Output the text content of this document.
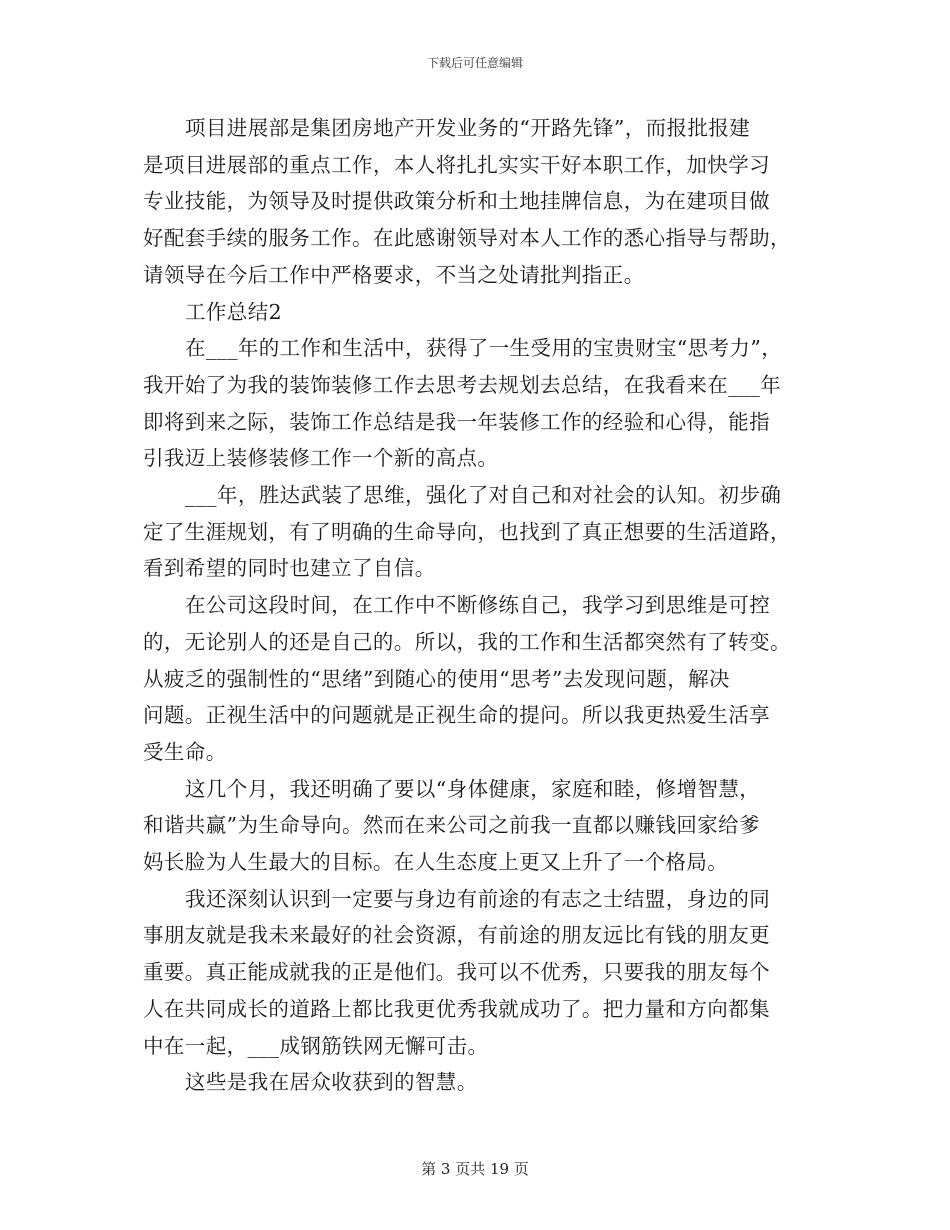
下载后可任意编辑

项目进展部是集团房地产开发业务的“开路先锋”，而报批报建
是项目进展部的重点工作，本人将扎扎实实干好本职工作，加快学习
专业技能，为领导及时提供政策分析和土地挂牌信息，为在建项目做
好配套手续的服务工作。在此感谢领导对本人工作的悉心指导与帮助，
请领导在今后工作中严格要求，不当之处请批判指正。

工作总结2

在___年的工作和生活中，获得了一生受用的宝贵财宝“思考力”，
我开始了为我的装饰装修工作去思考去规划去总结，在我看来在___年
即将到来之际，装饰工作总结是我一年装修工作的经验和心得，能指
引我迈上装修装修工作一个新的高点。

___年，胜达武装了思维，强化了对自己和对社会的认知。初步确
定了生涯规划，有了明确的生命导向，也找到了真正想要的生活道路，
看到希望的同时也建立了自信。

在公司这段时间，在工作中不断修练自己，我学习到思维是可控
的，无论别人的还是自己的。所以，我的工作和生活都突然有了转变。
从疲乏的强制性的“思绪”到随心的使用“思考”去发现问题，解决
问题。正视生活中的问题就是正视生命的提问。所以我更热爱生活享
受生命。

这几个月，我还明确了要以“身体健康，家庭和睦，修增智慧，
和谐共赢”为生命导向。然而在来公司之前我一直都以赚钱回家给爹
妈长脸为人生最大的目标。在人生态度上更又上升了一个格局。

我还深刻认识到一定要与身边有前途的有志之士结盟，身边的同
事朋友就是我未来最好的社会资源，有前途的朋友远比有钱的朋友更
重要。真正能成就我的正是他们。我可以不优秀，只要我的朋友每个
人在共同成长的道路上都比我更优秀我就成功了。把力量和方向都集
中在一起，___成钢筋铁网无懈可击。

这些是我在居众收获到的智慧。

第 3 页共 19 页
